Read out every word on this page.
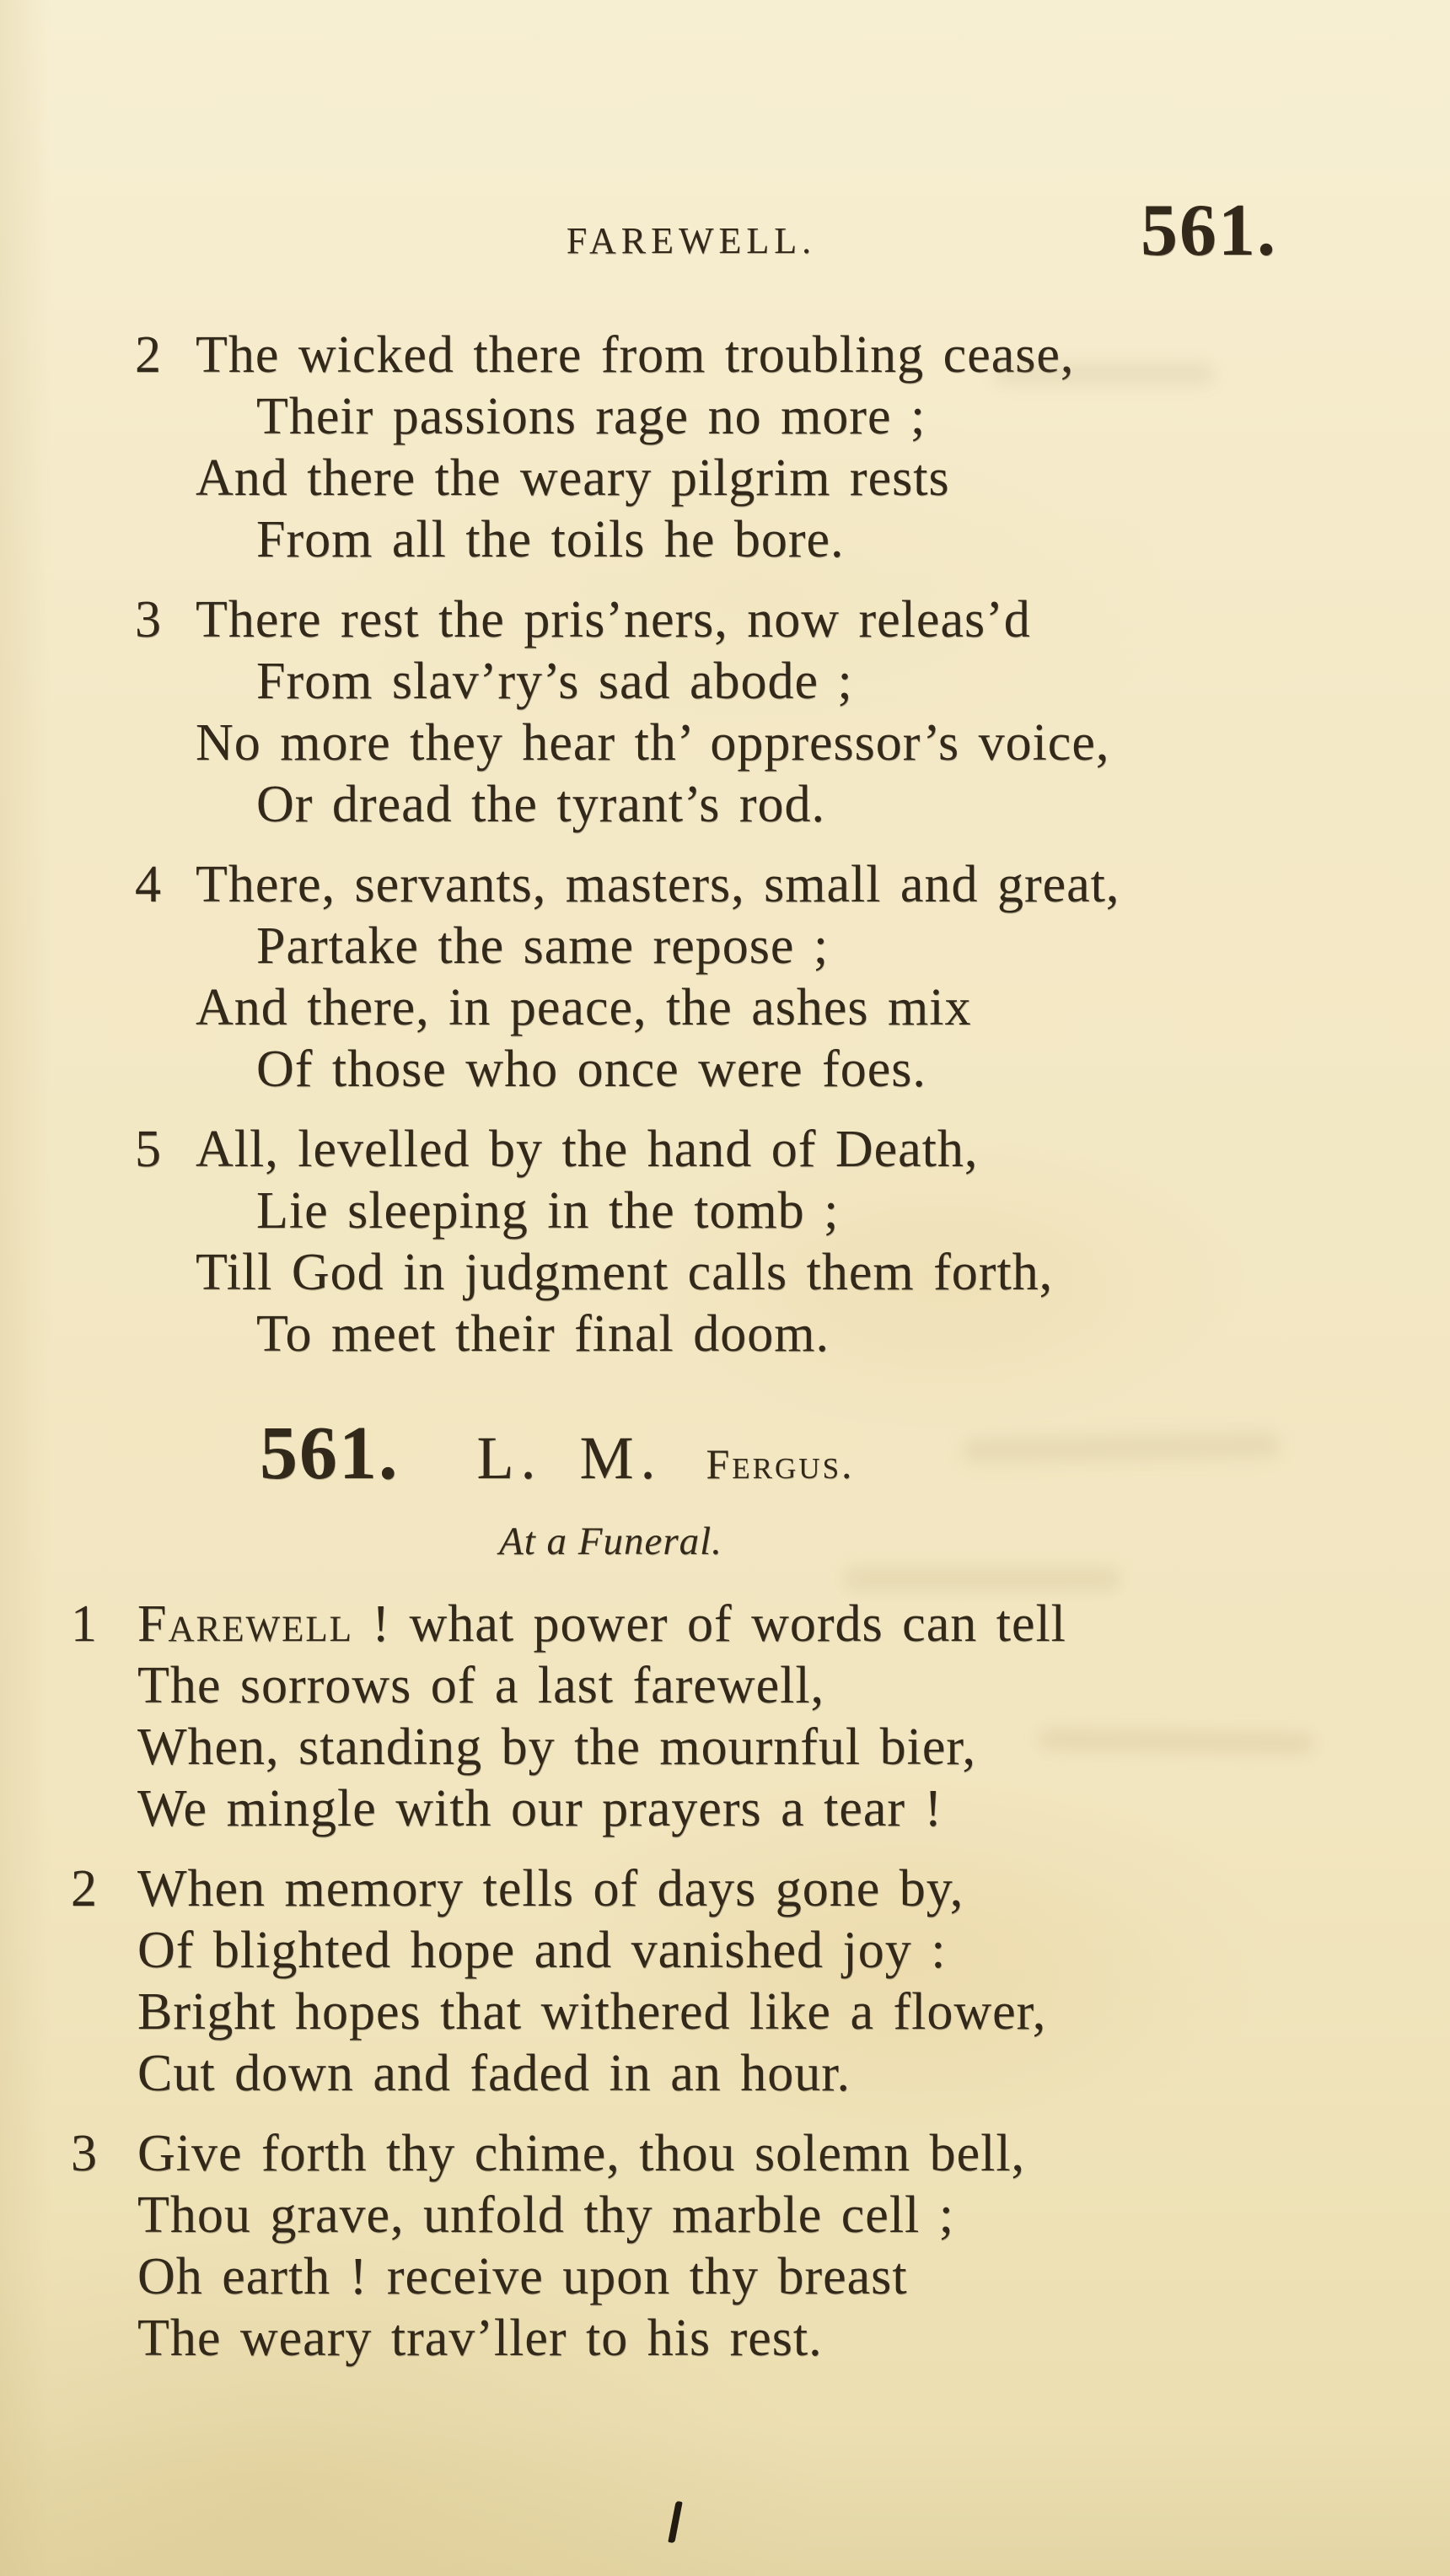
FAREWELL.	561.
2 The wicked there from troubling cease,

Their passions rage no more ;

And there the weary pilgrim rests

From all the toils he bore.

3 There rest the pris’ners, now releas’d

From slav’ry’s sad abode ;

No more they hear th’ oppressor’s voice,

Or dread the tyrant’s rod.

4 There, servants, masters, small and great,

Partake the same repose ;

And there, in peace, the ashes mix

Of those who once were foes.

5 All, levelled by the hand of Death,

Lie sleeping in the tomb ;

Till God in judgment calls them forth,

To meet their final doom.

561. L. M. Fergus.

At a Funeral.

1 Farewell ! what power of words can tell

The sorrows of a last farewell,

When, standing by the mournful bier,

We mingle with our prayers a tear !

2 When memory tells of days gone by,

Of blighted hope and vanished joy :

Bright hopes that withered like a flower,

Cut down and faded in an hour.

3 Give forth thy chime, thou solemn bell,

Thou grave, unfold thy marble cell ;

Oh earth ! receive upon thy breast

The weary trav’ller to his rest.
